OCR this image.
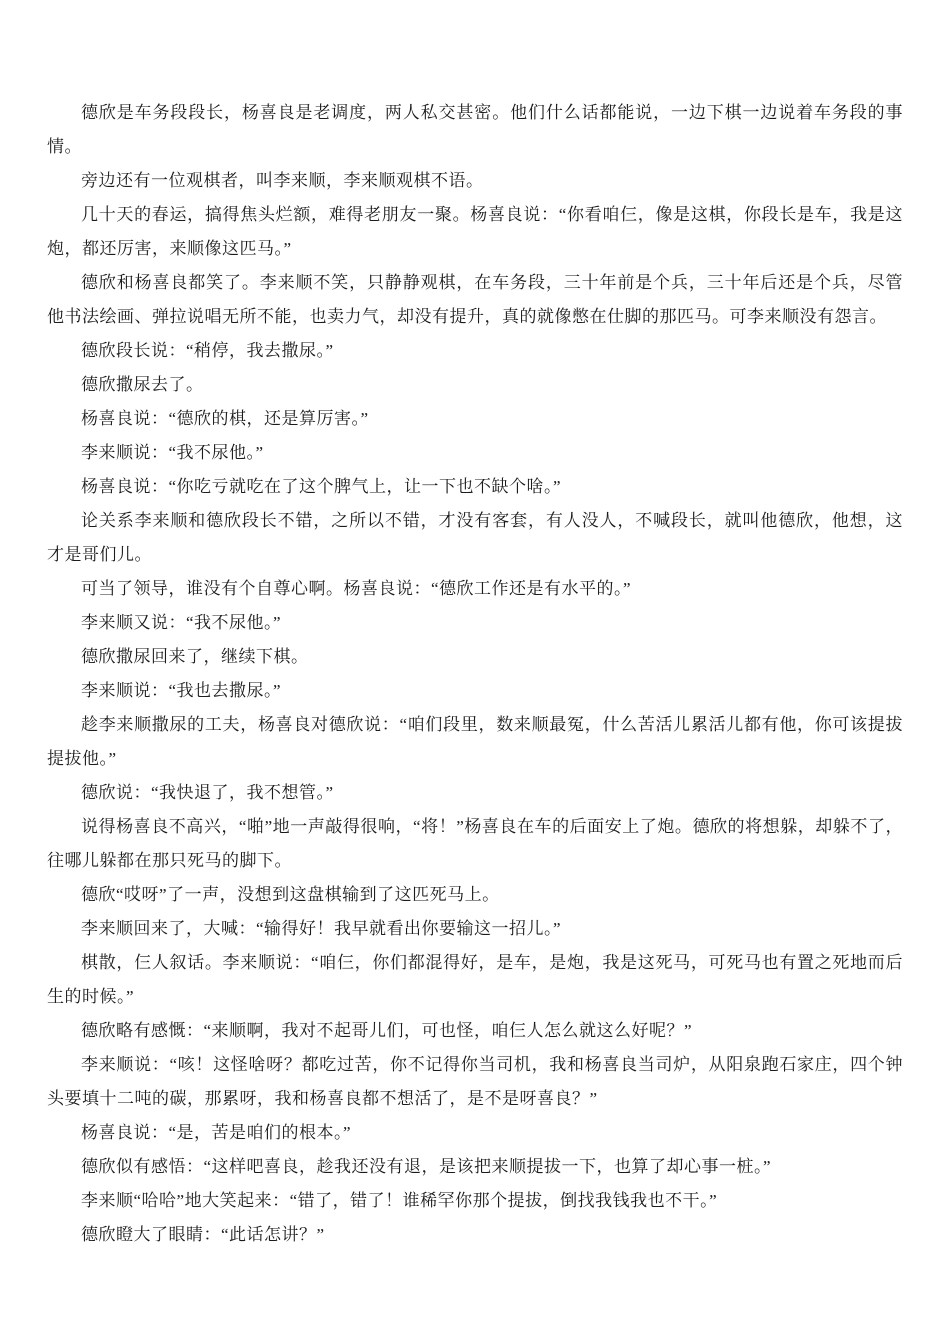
德欣是车务段段长，杨喜良是老调度，两人私交甚密。他们什么话都能说，一边下棋一边说着车务段的事情。

旁边还有一位观棋者，叫李来顺，李来顺观棋不语。

几十天的春运，搞得焦头烂额，难得老朋友一聚。杨喜良说：“你看咱仨，像是这棋，你段长是车，我是这炮，都还厉害，来顺像这匹马。”

德欣和杨喜良都笑了。李来顺不笑，只静静观棋，在车务段，三十年前是个兵，三十年后还是个兵，尽管他书法绘画、弹拉说唱无所不能，也卖力气，却没有提升，真的就像憋在仕脚的那匹马。可李来顺没有怨言。

德欣段长说：“稍停，我去撒尿。”

德欣撒尿去了。

杨喜良说：“德欣的棋，还是算厉害。”

李来顺说：“我不尿他。”

杨喜良说：“你吃亏就吃在了这个脾气上，让一下也不缺个啥。”

论关系李来顺和德欣段长不错，之所以不错，才没有客套，有人没人，不喊段长，就叫他德欣，他想，这才是哥们儿。

可当了领导，谁没有个自尊心啊。杨喜良说：“德欣工作还是有水平的。”

李来顺又说：“我不尿他。”

德欣撒尿回来了，继续下棋。

李来顺说：“我也去撒尿。”

趁李来顺撒尿的工夫，杨喜良对德欣说：“咱们段里，数来顺最冤，什么苦活儿累活儿都有他，你可该提拔提拔他。”

德欣说：“我快退了，我不想管。”

说得杨喜良不高兴，“啪”地一声敲得很响，“将！”杨喜良在车的后面安上了炮。德欣的将想躲，却躲不了，往哪儿躲都在那只死马的脚下。

德欣“哎呀”了一声，没想到这盘棋输到了这匹死马上。

李来顺回来了，大喊：“输得好！我早就看出你要输这一招儿。”

棋散，仨人叙话。李来顺说：“咱仨，你们都混得好，是车，是炮，我是这死马，可死马也有置之死地而后生的时候。”

德欣略有感慨：“来顺啊，我对不起哥儿们，可也怪，咱仨人怎么就这么好呢？”

李来顺说：“咳！这怪啥呀？都吃过苦，你不记得你当司机，我和杨喜良当司炉，从阳泉跑石家庄，四个钟头要填十二吨的碳，那累呀，我和杨喜良都不想活了，是不是呀喜良？”

杨喜良说：“是，苦是咱们的根本。”

德欣似有感悟：“这样吧喜良，趁我还没有退，是该把来顺提拔一下，也算了却心事一桩。”

李来顺“哈哈”地大笑起来：“错了，错了！谁稀罕你那个提拔，倒找我钱我也不干。”

德欣瞪大了眼睛：“此话怎讲？”
